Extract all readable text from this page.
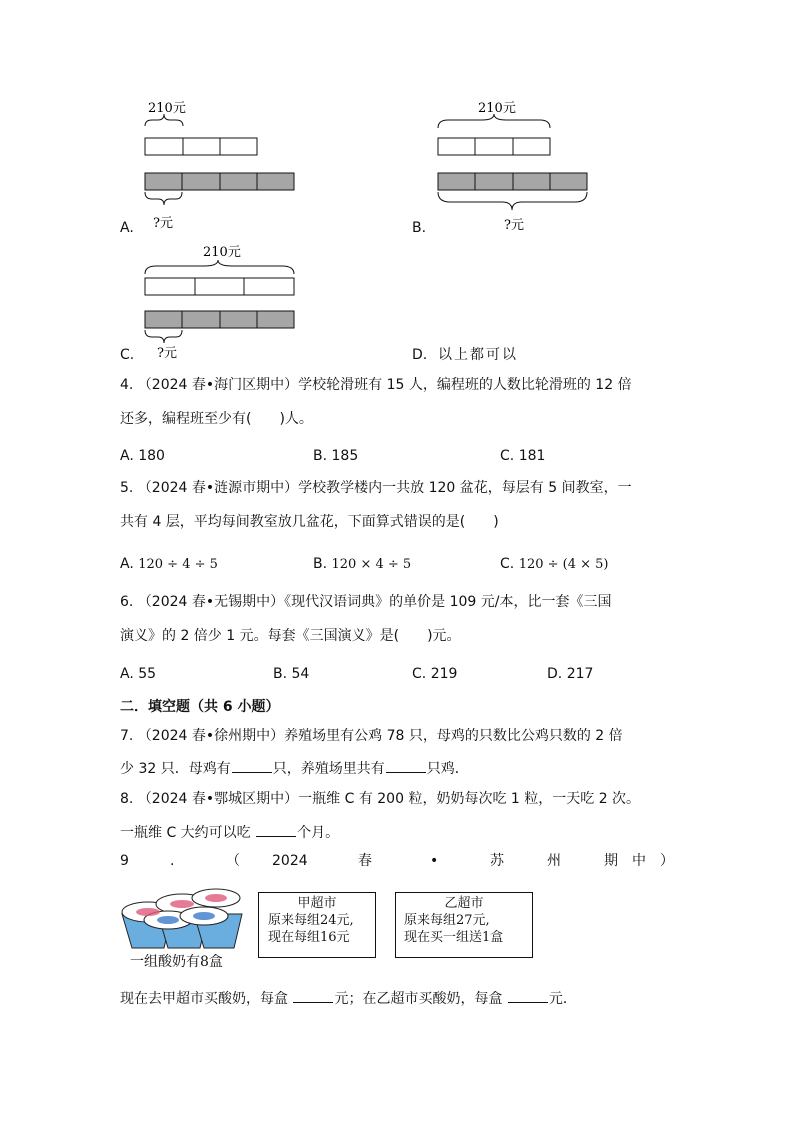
210元
?元
A.
210元
?元
B.
210元
?元
C.	D. 以上都可以
4. （2024 春•海门区期中）学校轮滑班有 15 人，编程班的人数比轮滑班的 12 倍
还多，编程班至少有(　　)人。
A. 180	B. 185	C. 181
5. （2024 春•涟源市期中）学校教学楼内一共放 120 盆花，每层有 5 间教室，一
共有 4 层，平均每间教室放几盆花，下面算式错误的是(　　)
A. 120 ÷ 4 ÷ 5	B. 120 × 4 ÷ 5	C. 120 ÷ (4 × 5)
6. （2024 春•无锡期中）《现代汉语词典》的单价是 109 元/本，比一套《三国
演义》的 2 倍少 1 元。每套《三国演义》是(　　)元。
A. 55	B. 54	C. 219	D. 217
二．填空题（共 6 小题）
7. （2024 春•徐州期中）养殖场里有公鸡 78 只，母鸡的只数比公鸡只数的 2 倍
少 32 只．母鸡有	只，养殖场里共有	只鸡．
8. （2024 春•鄂城区期中）一瓶维 C 有 200 粒，奶奶每次吃 1 粒，一天吃 2 次。
一瓶维 C 大约可以吃	个月。
9	.	（ 2024	春	•	苏	州	期 中 ）
一组酸奶有8盒
甲超市
原来每组24元,
现在每组16元
乙超市
原来每组27元,
现在买一组送1盒
现在去甲超市买酸奶，每盒	元；在乙超市买酸奶，每盒	元．
